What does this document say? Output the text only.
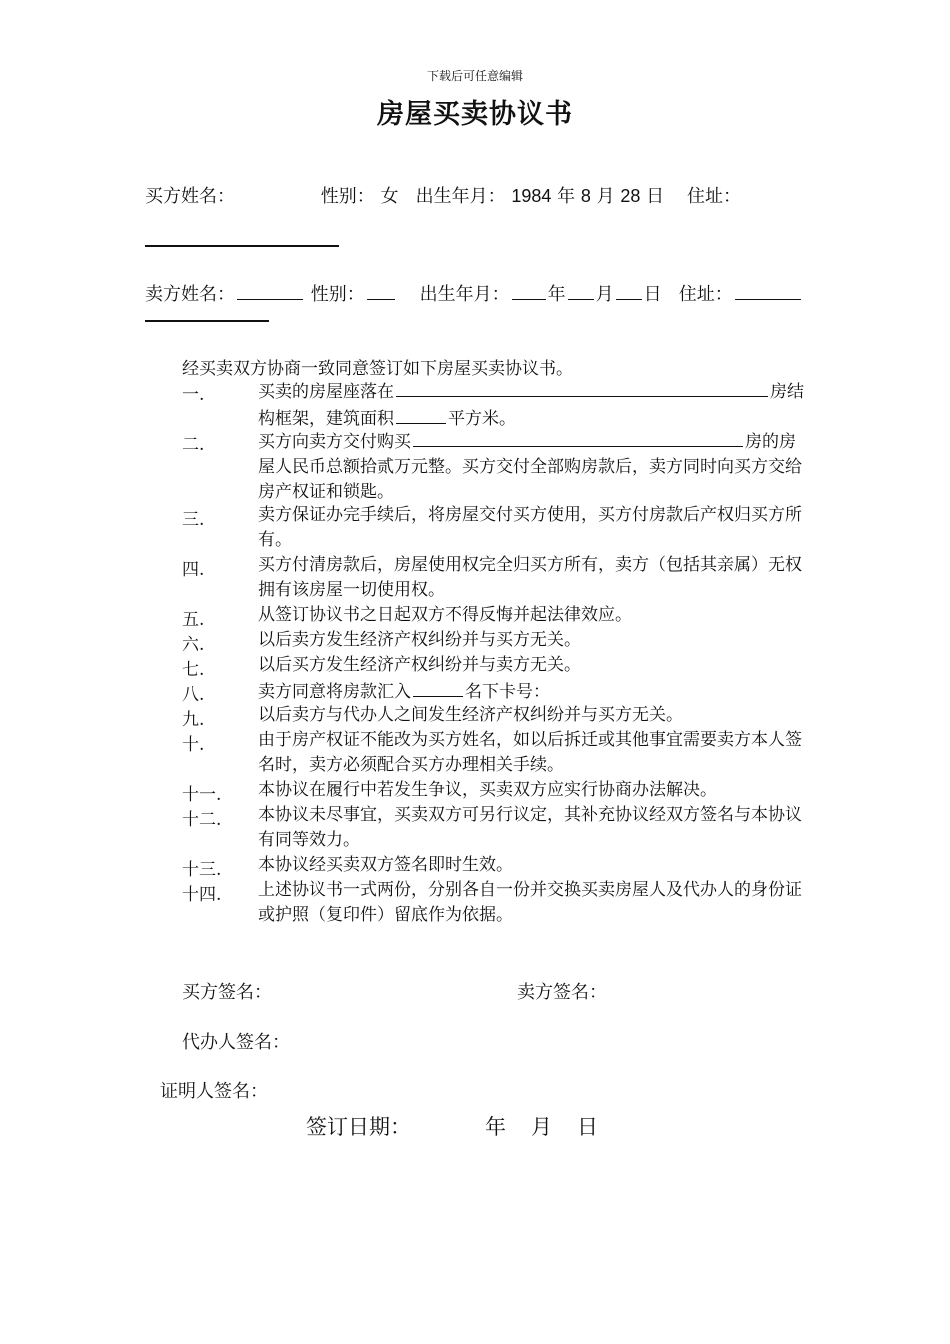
下载后可任意编辑
房屋买卖协议书
买方姓名：	性别： 女 出生年月： 1984 年 8 月 28 日 住址：
卖方姓名：	性别：	出生年月： 年 月 日 住址：
经买卖双方协商一致同意签订如下房屋买卖协议书。
一.	买卖的房屋座落在	房结构框架，建筑面积	平方米。
二.	买方向卖方交付购买	房的房屋人民币总额拾贰万元整。买方交付全部购房款后，卖方同时向买方交给房产权证和锁匙。
三.	卖方保证办完手续后，将房屋交付买方使用，买方付房款后产权归买方所有。
四.	买方付清房款后，房屋使用权完全归买方所有，卖方（包括其亲属）无权拥有该房屋一切使用权。
五.	从签订协议书之日起双方不得反悔并起法律效应。
六.	以后卖方发生经济产权纠纷并与买方无关。
七.	以后买方发生经济产权纠纷并与卖方无关。
八.	卖方同意将房款汇入	名下卡号：
九.	以后卖方与代办人之间发生经济产权纠纷并与买方无关。
十.	由于房产权证不能改为买方姓名，如以后拆迁或其他事宜需要卖方本人签名时，卖方必须配合买方办理相关手续。
十一. 本协议在履行中若发生争议，买卖双方应实行协商办法解决。
十二. 本协议未尽事宜，买卖双方可另行议定，其补充协议经双方签名与本协议有同等效力。
十三. 本协议经买卖双方签名即时生效。
十四. 上述协议书一式两份，分别各自一份并交换买卖房屋人及代办人的身份证或护照（复印件）留底作为依据。
买方签名：	卖方签名：
代办人签名：
证明人签名：
签订日期：	年 月 日
